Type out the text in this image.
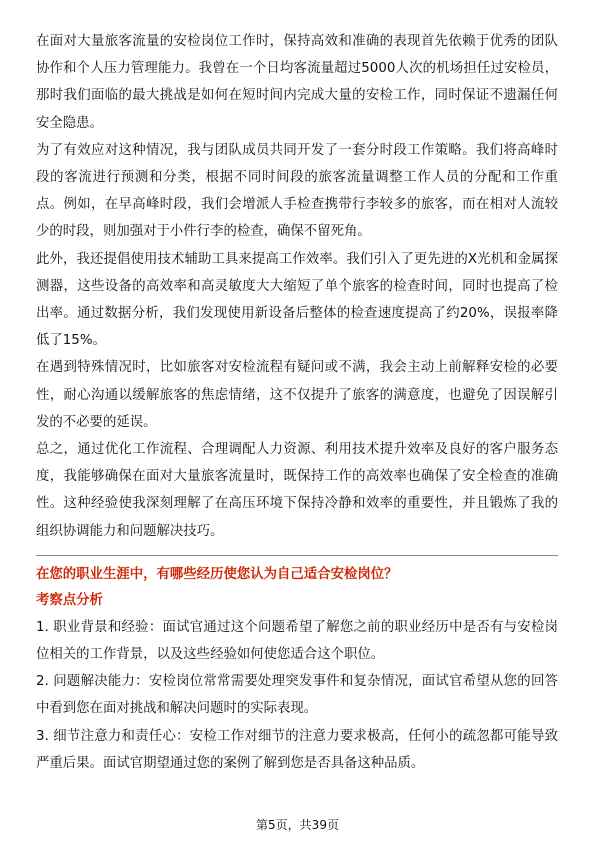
在面对大量旅客流量的安检岗位工作时，保持高效和准确的表现首先依赖于优秀的团队协作和个人压力管理能力。我曾在一个日均客流量超过5000人次的机场担任过安检员，那时我们面临的最大挑战是如何在短时间内完成大量的安检工作，同时保证不遗漏任何安全隐患。

为了有效应对这种情况，我与团队成员共同开发了一套分时段工作策略。我们将高峰时段的客流进行预测和分类，根据不同时间段的旅客流量调整工作人员的分配和工作重点。例如，在早高峰时段，我们会增派人手检查携带行李较多的旅客，而在相对人流较少的时段，则加强对于小件行李的检查，确保不留死角。

此外，我还提倡使用技术辅助工具来提高工作效率。我们引入了更先进的X光机和金属探测器，这些设备的高效率和高灵敏度大大缩短了单个旅客的检查时间，同时也提高了检出率。通过数据分析，我们发现使用新设备后整体的检查速度提高了约20%，误报率降低了15%。

在遇到特殊情况时，比如旅客对安检流程有疑问或不满，我会主动上前解释安检的必要性，耐心沟通以缓解旅客的焦虑情绪，这不仅提升了旅客的满意度，也避免了因误解引发的不必要的延误。

总之，通过优化工作流程、合理调配人力资源、利用技术提升效率及良好的客户服务态度，我能够确保在面对大量旅客流量时，既保持工作的高效率也确保了安全检查的准确性。这种经验使我深刻理解了在高压环境下保持冷静和效率的重要性，并且锻炼了我的组织协调能力和问题解决技巧。

在您的职业生涯中，有哪些经历使您认为自己适合安检岗位？

考察点分析

1. 职业背景和经验：面试官通过这个问题希望了解您之前的职业经历中是否有与安检岗位相关的工作背景，以及这些经验如何使您适合这个职位。

2. 问题解决能力：安检岗位常常需要处理突发事件和复杂情况，面试官希望从您的回答中看到您在面对挑战和解决问题时的实际表现。

3. 细节注意力和责任心：安检工作对细节的注意力要求极高，任何小的疏忽都可能导致严重后果。面试官期望通过您的案例了解到您是否具备这种品质。

第5页，共39页
